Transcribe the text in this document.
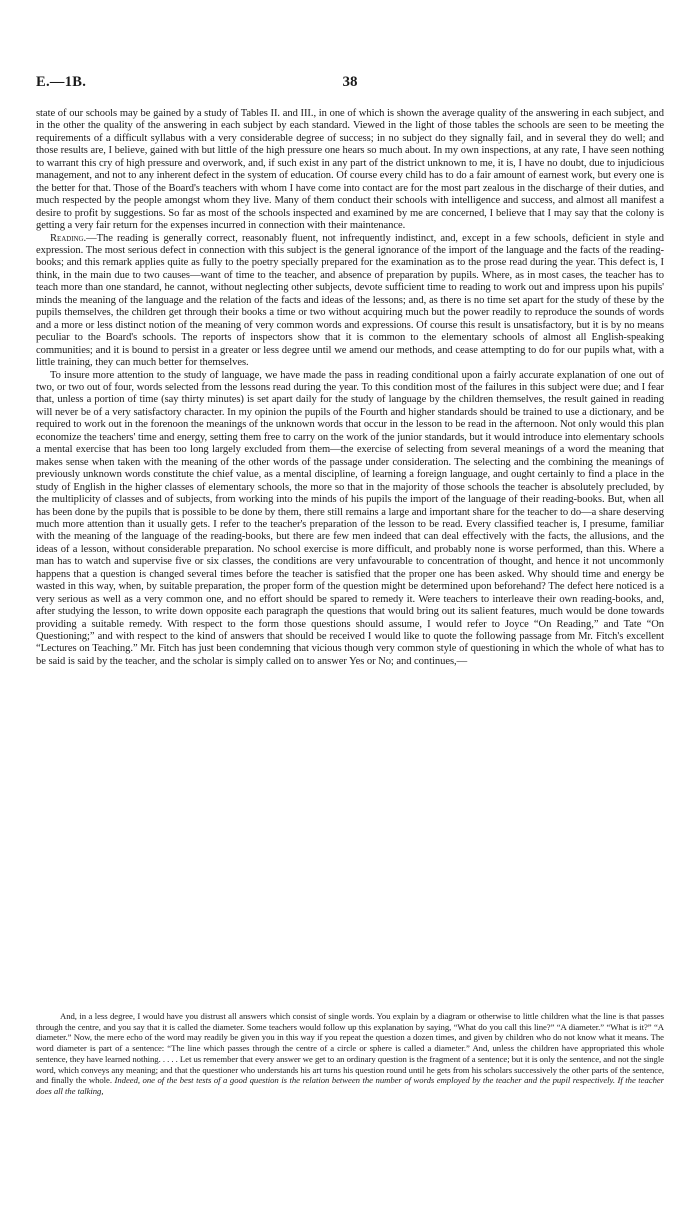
E.—1B.	38

state of our schools may be gained by a study of Tables II. and III., in one of which is shown the average quality of the answering in each subject, and in the other the quality of the answering in each subject by each standard. Viewed in the light of those tables the schools are seen to be meeting the requirements of a difficult syllabus with a very considerable degree of success; in no subject do they signally fail, and in several they do well; and those results are, I believe, gained with but little of the high pressure one hears so much about. In my own inspections, at any rate, I have seen nothing to warrant this cry of high pressure and overwork, and, if such exist in any part of the district unknown to me, it is, I have no doubt, due to injudicious management, and not to any inherent defect in the system of education. Of course every child has to do a fair amount of earnest work, but every one is the better for that. Those of the Board's teachers with whom I have come into contact are for the most part zealous in the discharge of their duties, and much respected by the people amongst whom they live. Many of them conduct their schools with intelligence and success, and almost all manifest a desire to profit by suggestions. So far as most of the schools inspected and examined by me are concerned, I believe that I may say that the colony is getting a very fair return for the expenses incurred in connection with their maintenance.

Reading.—The reading is generally correct, reasonably fluent, not infrequently indistinct, and, except in a few schools, deficient in style and expression. The most serious defect in connection with this subject is the general ignorance of the import of the language and the facts of the reading-books; and this remark applies quite as fully to the poetry specially prepared for the examination as to the prose read during the year. This defect is, I think, in the main due to two causes—want of time to the teacher, and absence of preparation by pupils. Where, as in most cases, the teacher has to teach more than one standard, he cannot, without neglecting other subjects, devote sufficient time to reading to work out and impress upon his pupils' minds the meaning of the language and the relation of the facts and ideas of the lessons; and, as there is no time set apart for the study of these by the pupils themselves, the children get through their books a time or two without acquiring much but the power readily to reproduce the sounds of words and a more or less distinct notion of the meaning of very common words and expressions. Of course this result is unsatisfactory, but it is by no means peculiar to the Board's schools. The reports of inspectors show that it is common to the elementary schools of almost all English-speaking communities; and it is bound to persist in a greater or less degree until we amend our methods, and cease attempting to do for our pupils what, with a little training, they can much better for themselves.

To insure more attention to the study of language, we have made the pass in reading conditional upon a fairly accurate explanation of one out of two, or two out of four, words selected from the lessons read during the year. To this condition most of the failures in this subject were due; and I fear that, unless a portion of time (say thirty minutes) is set apart daily for the study of language by the children themselves, the result gained in reading will never be of a very satisfactory character. In my opinion the pupils of the Fourth and higher standards should be trained to use a dictionary, and be required to work out in the forenoon the meanings of the unknown words that occur in the lesson to be read in the afternoon. Not only would this plan economize the teachers' time and energy, setting them free to carry on the work of the junior standards, but it would introduce into elementary schools a mental exercise that has been too long largely excluded from them—the exercise of selecting from several meanings of a word the meaning that makes sense when taken with the meaning of the other words of the passage under consideration. The selecting and the combining the meanings of previously unknown words constitute the chief value, as a mental discipline, of learning a foreign language, and ought certainly to find a place in the study of English in the higher classes of elementary schools, the more so that in the majority of those schools the teacher is absolutely precluded, by the multiplicity of classes and of subjects, from working into the minds of his pupils the import of the language of their reading-books. But, when all has been done by the pupils that is possible to be done by them, there still remains a large and important share for the teacher to do—a share deserving much more attention than it usually gets. I refer to the teacher's preparation of the lesson to be read. Every classified teacher is, I presume, familiar with the meaning of the language of the reading-books, but there are few men indeed that can deal effectively with the facts, the allusions, and the ideas of a lesson, without considerable preparation. No school exercise is more difficult, and probably none is worse performed, than this. Where a man has to watch and supervise five or six classes, the conditions are very unfavourable to concentration of thought, and hence it not uncommonly happens that a question is changed several times before the teacher is satisfied that the proper one has been asked. Why should time and energy be wasted in this way, when, by suitable preparation, the proper form of the question might be determined upon beforehand? The defect here noticed is a very serious as well as a very common one, and no effort should be spared to remedy it. Were teachers to interleave their own reading-books, and, after studying the lesson, to write down opposite each paragraph the questions that would bring out its salient features, much would be done towards providing a suitable remedy. With respect to the form those questions should assume, I would refer to Joyce “On Reading,” and Tate “On Questioning;” and with respect to the kind of answers that should be received I would like to quote the following passage from Mr. Fitch's excellent “Lectures on Teaching.” Mr. Fitch has just been condemning that vicious though very common style of questioning in which the whole of what has to be said is said by the teacher, and the scholar is simply called on to answer Yes or No; and continues,—

And, in a less degree, I would have you distrust all answers which consist of single words. You explain by a diagram or otherwise to little children what the line is that passes through the centre, and you say that it is called the diameter. Some teachers would follow up this explanation by saying, “What do you call this line?” “A diameter.” “What is it?” “A diameter.” Now, the mere echo of the word may readily be given you in this way if you repeat the question a dozen times, and given by children who do not know what it means. The word diameter is part of a sentence: “The line which passes through the centre of a circle or sphere is called a diameter.” And, unless the children have appropriated this whole sentence, they have learned nothing. . . . . Let us remember that every answer we get to an ordinary question is the fragment of a sentence; but it is only the sentence, and not the single word, which conveys any meaning; and that the questioner who understands his art turns his question round until he gets from his scholars successively the other parts of the sentence, and finally the whole. Indeed, one of the best tests of a good question is the relation between the number of words employed by the teacher and the pupil respectively. If the teacher does all the talking,
